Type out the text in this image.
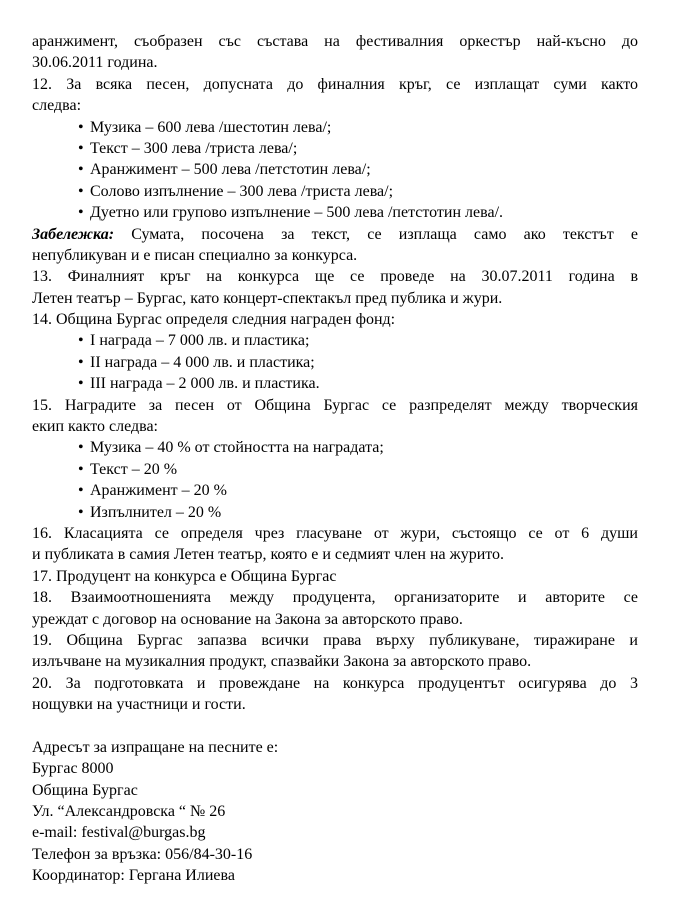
аранжимент, съобразен със състава на фестивалния оркестър най-късно до
30.06.2011 година.
12. За всяка песен, допусната до финалния кръг, се изплащат суми както
следва:
• Музика – 600 лева /шестотин лева/;
• Текст – 300 лева /триста лева/;
• Аранжимент – 500 лева /петстотин лева/;
• Солово изпълнение – 300 лева /триста лева/;
• Дуетно или групово изпълнение – 500 лева /петстотин лева/.
Забележка: Сумата, посочена за текст, се изплаща само ако текстът е
непубликуван и е писан специално за конкурса.
13. Финалният кръг на конкурса ще се проведе на 30.07.2011 година в
Летен театър – Бургас, като концерт-спектакъл пред публика и жури.
14. Община Бургас определя следния награден фонд:
• I награда – 7 000 лв. и пластика;
• II награда – 4 000 лв. и пластика;
• III награда – 2 000 лв. и пластика.
15. Наградите за песен от Община Бургас се разпределят между творческия
екип както следва:
• Музика – 40 % от стойността на наградата;
• Текст – 20 %
• Аранжимент – 20 %
• Изпълнител – 20 %
16. Класацията се определя чрез гласуване от жури, състоящо се от 6 души
и публиката в самия Летен театър, която е и седмият член на журито.
17. Продуцент на конкурса е Община Бургас
18. Взаимоотношенията между продуцента, организаторите и авторите се
уреждат с договор на основание на Закона за авторското право.
19. Община Бургас запазва всички права върху публикуване, тиражиране и
излъчване на музикалния продукт, спазвайки Закона за авторското право.
20. За подготовката и провеждане на конкурса продуцентът осигурява до 3
нощувки на участници и гости.
Адресът за изпращане на песните е:
Бургас 8000
Община Бургас
Ул. “Александровска “ № 26
e-mail: festival@burgas.bg
Телефон за връзка: 056/84-30-16
Координатор: Гергана Илиева
